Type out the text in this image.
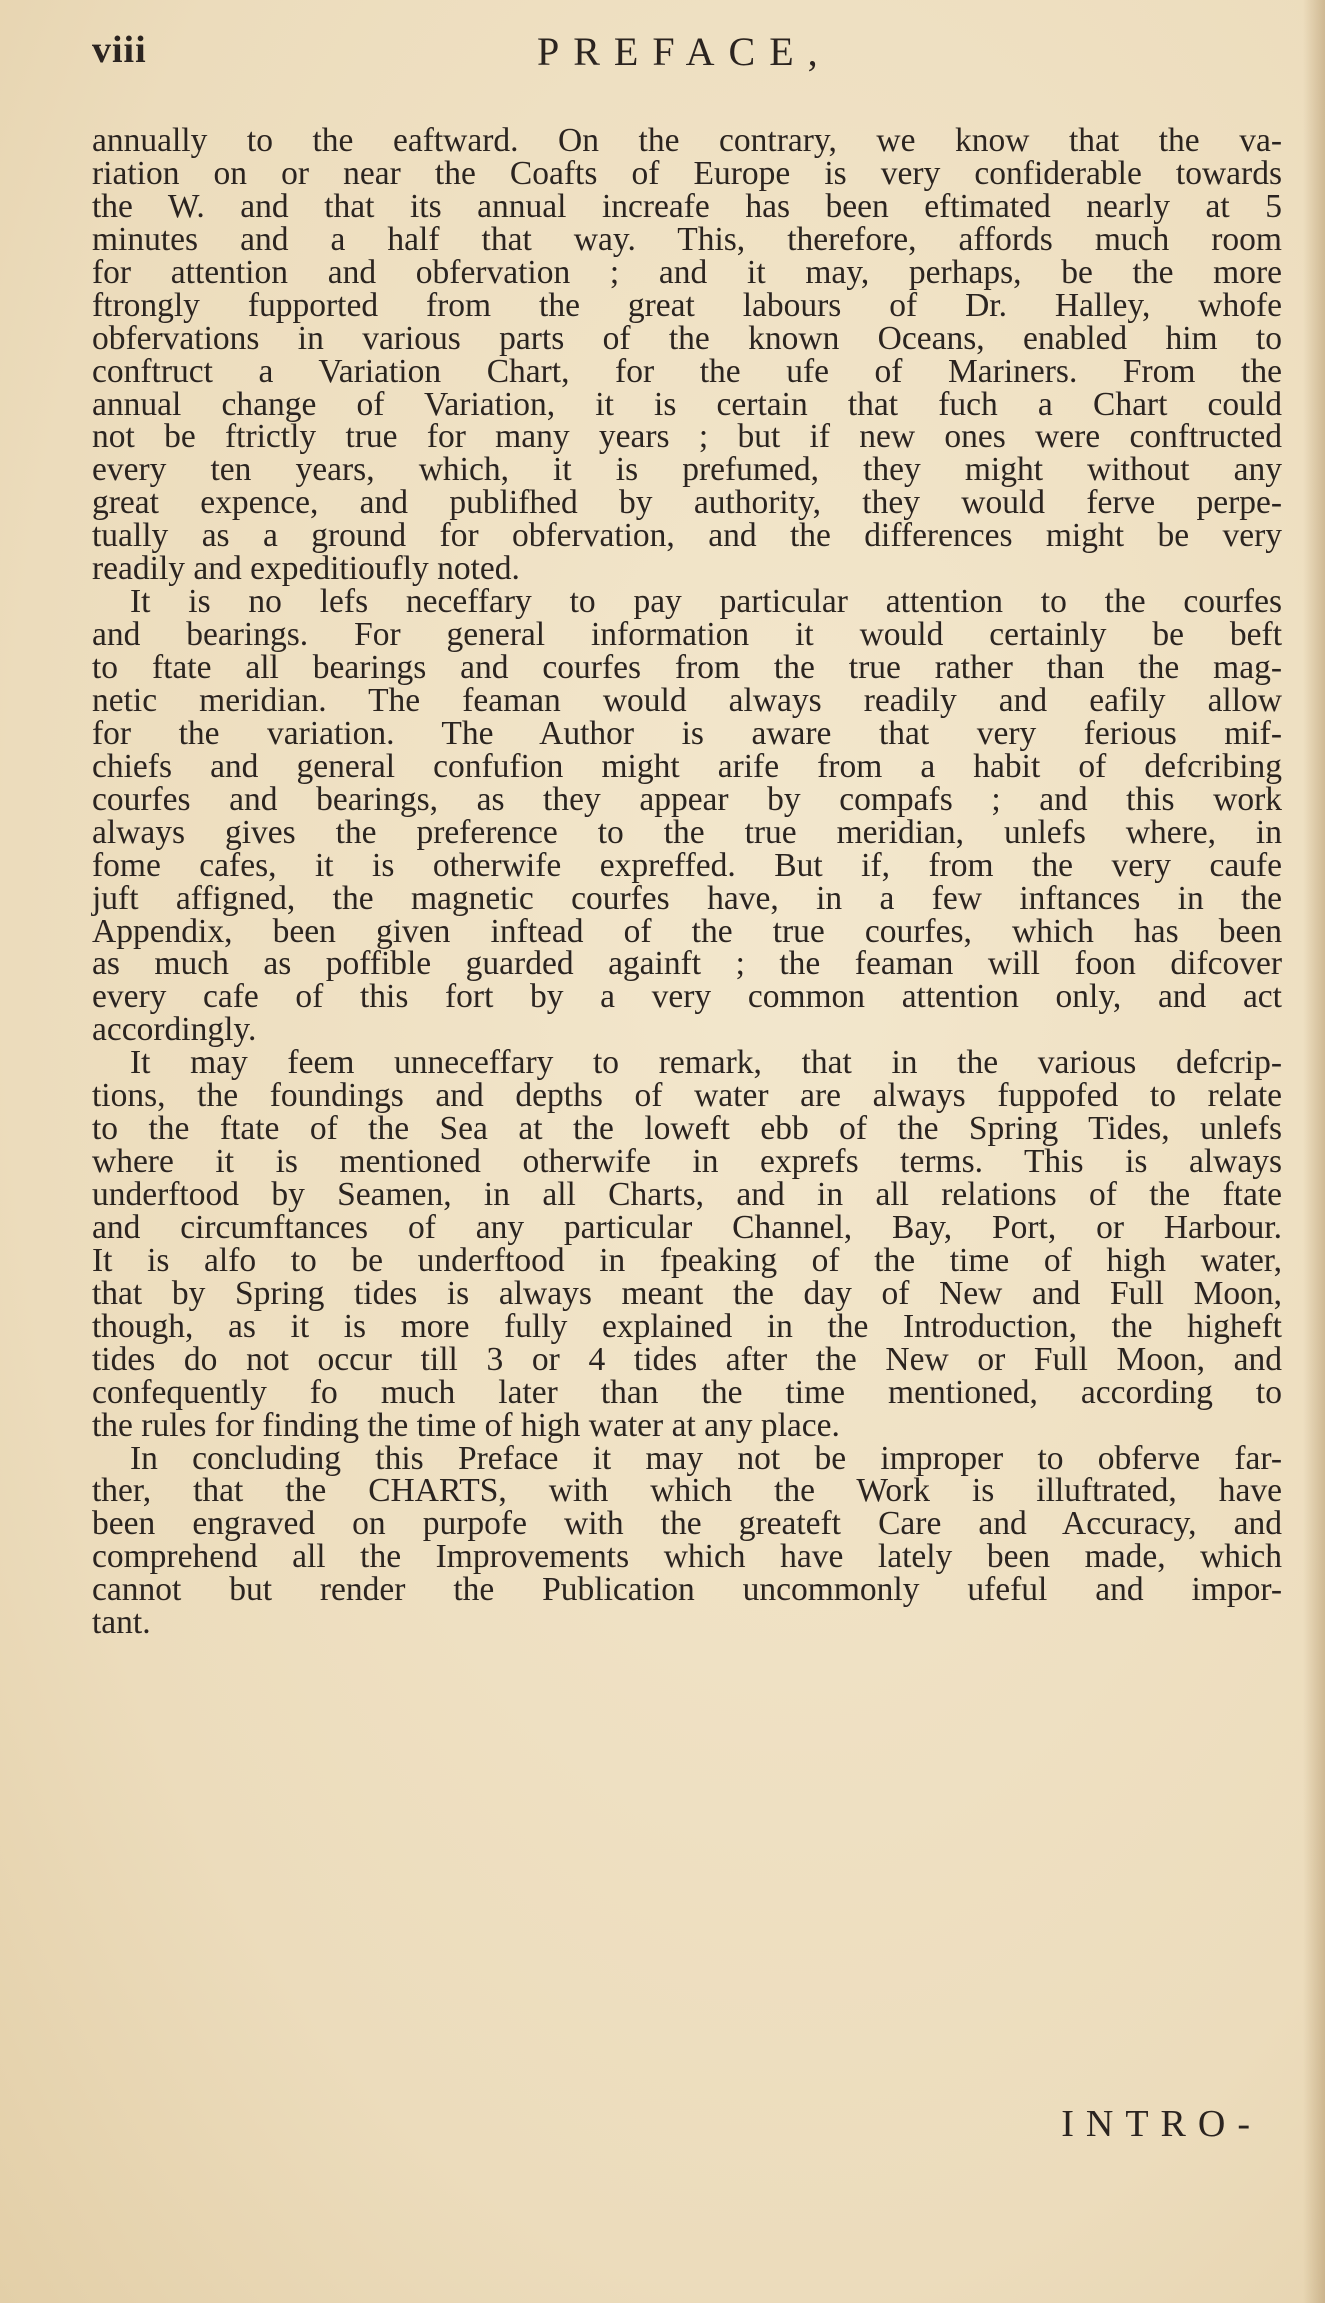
viii	PREFACE,
annually to the eaftward. On the contrary, we know that the va-
riation on or near the Coafts of Europe is very confiderable towards
the W. and that its annual increafe has been eftimated nearly at 5
minutes and a half that way. This, therefore, affords much room
for attention and obfervation ; and it may, perhaps, be the more
ftrongly fupported from the great labours of Dr. Halley, whofe
obfervations in various parts of the known Oceans, enabled him to
conftruct a Variation Chart, for the ufe of Mariners. From the
annual change of Variation, it is certain that fuch a Chart could
not be ftrictly true for many years ; but if new ones were conftructed
every ten years, which, it is prefumed, they might without any
great expence, and publifhed by authority, they would ferve perpe-
tually as a ground for obfervation, and the differences might be very
readily and expeditioufly noted.
It is no lefs neceffary to pay particular attention to the courfes
and bearings. For general information it would certainly be beft
to ftate all bearings and courfes from the true rather than the mag-
netic meridian. The feaman would always readily and eafily allow
for the variation. The Author is aware that very ferious mif-
chiefs and general confufion might arife from a habit of defcribing
courfes and bearings, as they appear by compafs ; and this work
always gives the preference to the true meridian, unlefs where, in
fome cafes, it is otherwife expreffed. But if, from the very caufe
juft affigned, the magnetic courfes have, in a few inftances in the
Appendix, been given inftead of the true courfes, which has been
as much as poffible guarded againft ; the feaman will foon difcover
every cafe of this fort by a very common attention only, and act
accordingly.
It may feem unneceffary to remark, that in the various defcrip-
tions, the foundings and depths of water are always fuppofed to relate
to the ftate of the Sea at the loweft ebb of the Spring Tides, unlefs
where it is mentioned otherwife in exprefs terms. This is always
underftood by Seamen, in all Charts, and in all relations of the ftate
and circumftances of any particular Channel, Bay, Port, or Harbour.
It is alfo to be underftood in fpeaking of the time of high water,
that by Spring tides is always meant the day of New and Full Moon,
though, as it is more fully explained in the Introduction, the higheft
tides do not occur till 3 or 4 tides after the New or Full Moon, and
confequently fo much later than the time mentioned, according to
the rules for finding the time of high water at any place.
In concluding this Preface it may not be improper to obferve far-
ther, that the CHARTS, with which the Work is illuftrated, have
been engraved on purpofe with the greateft Care and Accuracy, and
comprehend all the Improvements which have lately been made, which
cannot but render the Publication uncommonly ufeful and impor-
tant.
INTRO-
